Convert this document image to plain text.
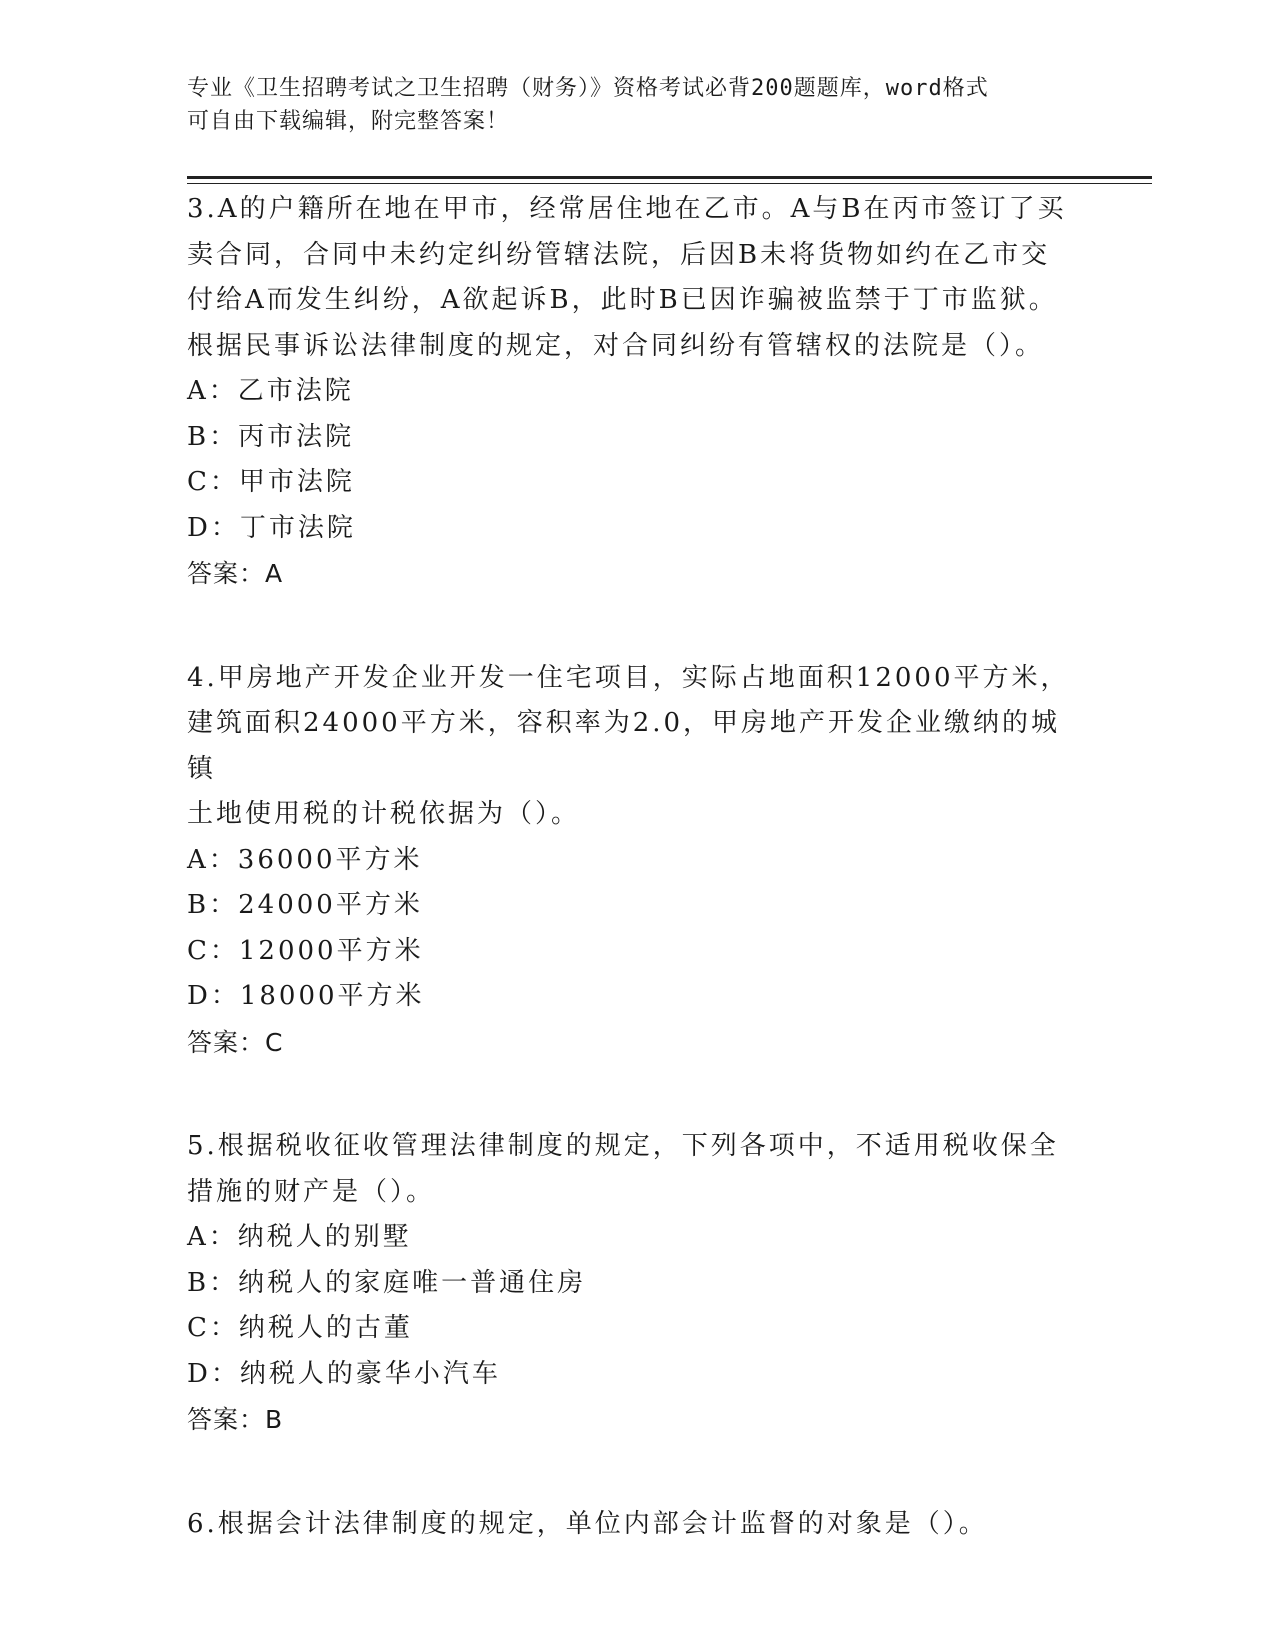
专业《卫生招聘考试之卫生招聘（财务）》资格考试必背200题题库，word格式
可自由下载编辑，附完整答案！

3.A的户籍所在地在甲市，经常居住地在乙市。A与B在丙市签订了买

卖合同，合同中未约定纠纷管辖法院，后因B未将货物如约在乙市交

付给A而发生纠纷，A欲起诉B，此时B已因诈骗被监禁于丁市监狱。

根据民事诉讼法律制度的规定，对合同纠纷有管辖权的法院是（）。

A：乙市法院

B：丙市法院

C：甲市法院

D：丁市法院

答案：A

4.甲房地产开发企业开发一住宅项目，实际占地面积12000平方米，

建筑面积24000平方米，容积率为2.0，甲房地产开发企业缴纳的城镇

土地使用税的计税依据为（）。

A：36000平方米

B：24000平方米

C：12000平方米

D：18000平方米

答案：C

5.根据税收征收管理法律制度的规定，下列各项中，不适用税收保全

措施的财产是（）。

A：纳税人的别墅

B：纳税人的家庭唯一普通住房

C：纳税人的古董

D：纳税人的豪华小汽车

答案：B

6.根据会计法律制度的规定，单位内部会计监督的对象是（）。
